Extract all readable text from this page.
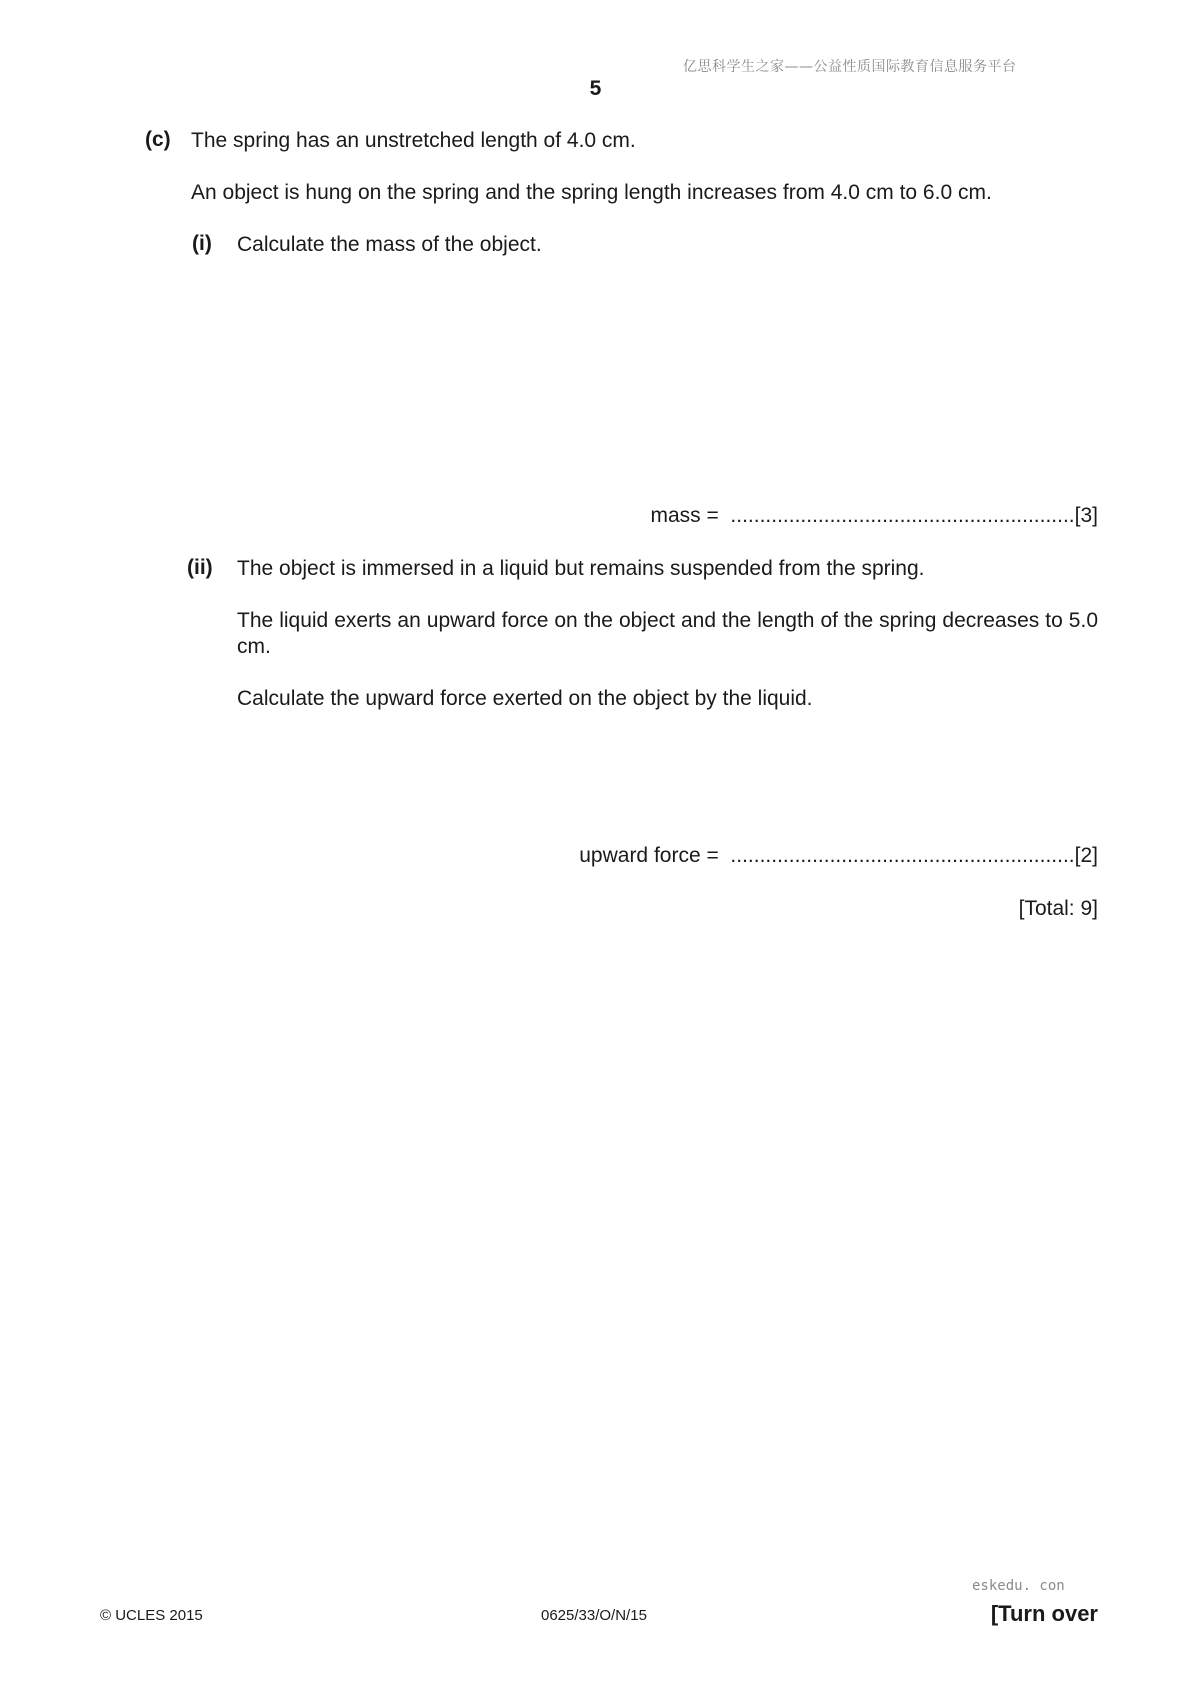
亿思科学生之家——公益性质国际教育信息服务平台
5
(c) The spring has an unstretched length of 4.0 cm.
An object is hung on the spring and the spring length increases from 4.0 cm to 6.0 cm.
(i) Calculate the mass of the object.
mass = ...........................................................[3]
(ii) The object is immersed in a liquid but remains suspended from the spring.
The liquid exerts an upward force on the object and the length of the spring decreases to 5.0 cm.
Calculate the upward force exerted on the object by the liquid.
upward force = ...........................................................[2]
[Total: 9]
eskedu. con
© UCLES 2015	0625/33/O/N/15	[Turn over
